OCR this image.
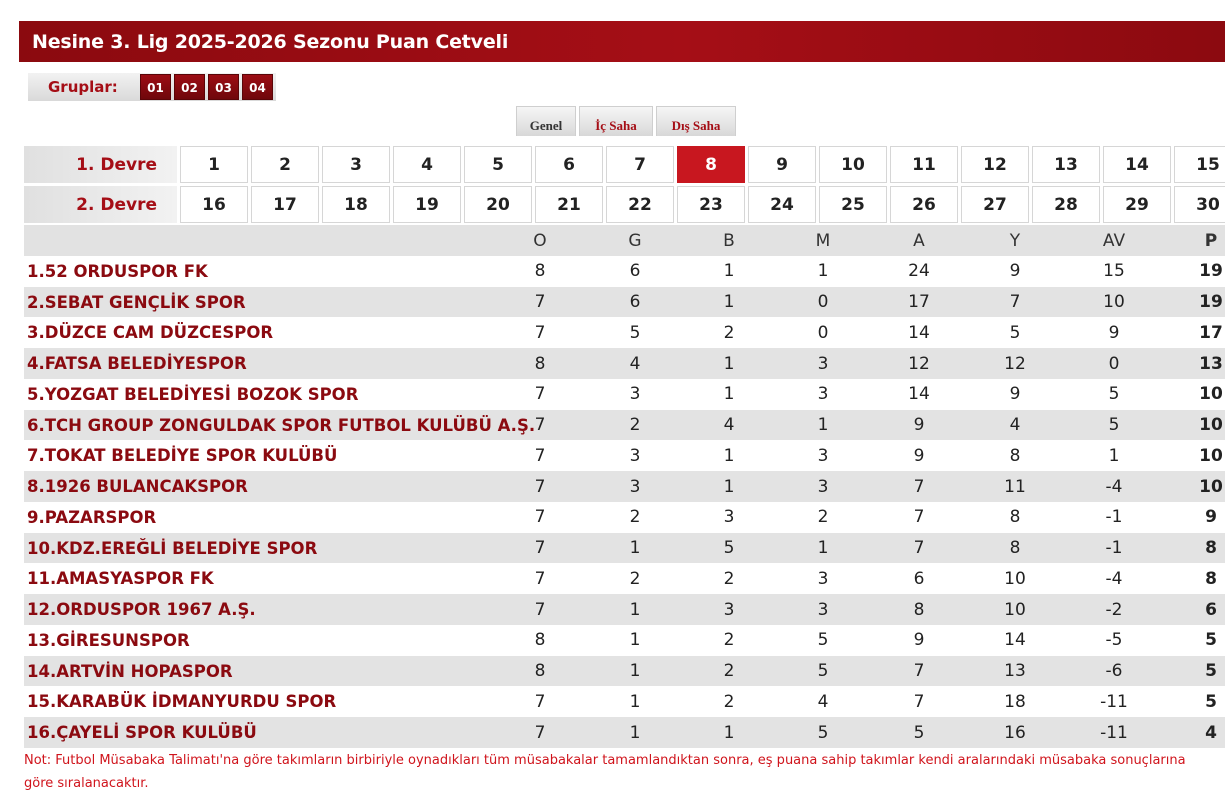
Nesine 3. Lig 2025-2026 Sezonu Puan Cetveli
Gruplar:	01	02	03	04
Genel	İç Saha	Dış Saha
1. Devre	1	2	3	4	5	6	7	8	9	10	11	12	13	14	15
2. Devre	16	17	18	19	20	21	22	23	24	25	26	27	28	29	30
O	G	B	M	A	Y	AV	P
1.52 ORDUSPOR FK	8	6	1	1	24	9	15	19
2.SEBAT GENÇLİK SPOR	7	6	1	0	17	7	10	19
3.DÜZCE CAM DÜZCESPOR	7	5	2	0	14	5	9	17
4.FATSA BELEDİYESPOR	8	4	1	3	12	12	0	13
5.YOZGAT BELEDİYESİ BOZOK SPOR	7	3	1	3	14	9	5	10
6.TCH GROUP ZONGULDAK SPOR FUTBOL KULÜBÜ A.Ş. 7	2	4	1	9	4	5	10
7.TOKAT BELEDİYE SPOR KULÜBÜ	7	3	1	3	9	8	1	10
8.1926 BULANCAKSPOR	7	3	1	3	7	11	-4	10
9.PAZARSPOR	7	2	3	2	7	8	-1	9
10.KDZ.EREĞLİ BELEDİYE SPOR	7	1	5	1	7	8	-1	8
11.AMASYASPOR FK	7	2	2	3	6	10	-4	8
12.ORDUSPOR 1967 A.Ş.	7	1	3	3	8	10	-2	6
13.GİRESUNSPOR	8	1	2	5	9	14	-5	5
14.ARTVİN HOPASPOR	8	1	2	5	7	13	-6	5
15.KARABÜK İDMANYURDU SPOR	7	1	2	4	7	18	-11	5
16.ÇAYELİ SPOR KULÜBÜ	7	1	1	5	5	16	-11	4
Not: Futbol Müsabaka Talimatı'na göre takımların birbiriyle oynadıkları tüm müsabakalar tamamlandıktan sonra, eş puana sahip takımlar kendi aralarındaki müsabaka sonuçlarına göre sıralanacaktır.
